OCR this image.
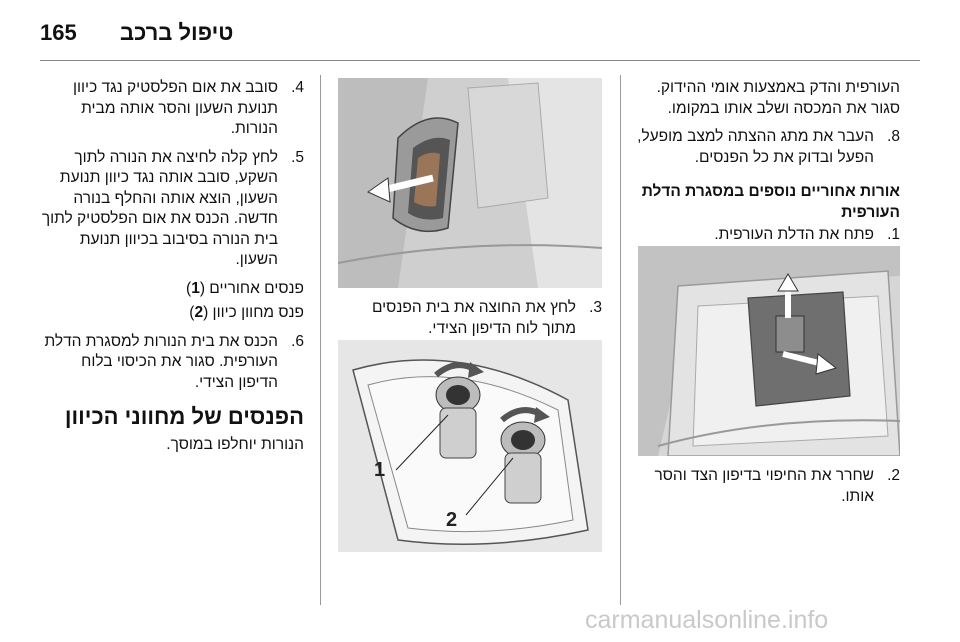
165 טיפול ברכב

העורפית והדק באמצעות אומי ההידוק. סגור את המכסה ושלב אותו במקומו.

8.
העבר את מתג ההצתה למצב מופעל, הפעל ובדוק את כל הפנסים.

אורות אחוריים נוספים במסגרת הדלת העורפית

1.
פתח את הדלת העורפית.

2.
שחרר את החיפוי בדיפון הצד והסר אותו.

3.
לחץ את החוצה את בית הפנסים מתוך לוח הדיפון הצידי.

1
2

4.
סובב את אום הפלסטיק נגד כיוון תנועת השעון והסר אותה מבית הנורות.

5.
לחץ קלה לחיצה את הנורה לתוך השקע, סובב אותה נגד כיוון תנועת השעון, הוצא אותה והחלף בנורה חדשה. הכנס את אום הפלסטיק לתוך בית הנורה בסיבוב בכיוון תנועת השעון.

פנסים אחוריים (1)

פנס מחוון כיוון (2)

6.
הכנס את בית הנורות למסגרת הדלת העורפית. סגור את הכיסוי בלוח הדיפון הצידי.

הפנסים של מחווני הכיוון

הנורות יוחלפו במוסך.

carmanualsonline.info
